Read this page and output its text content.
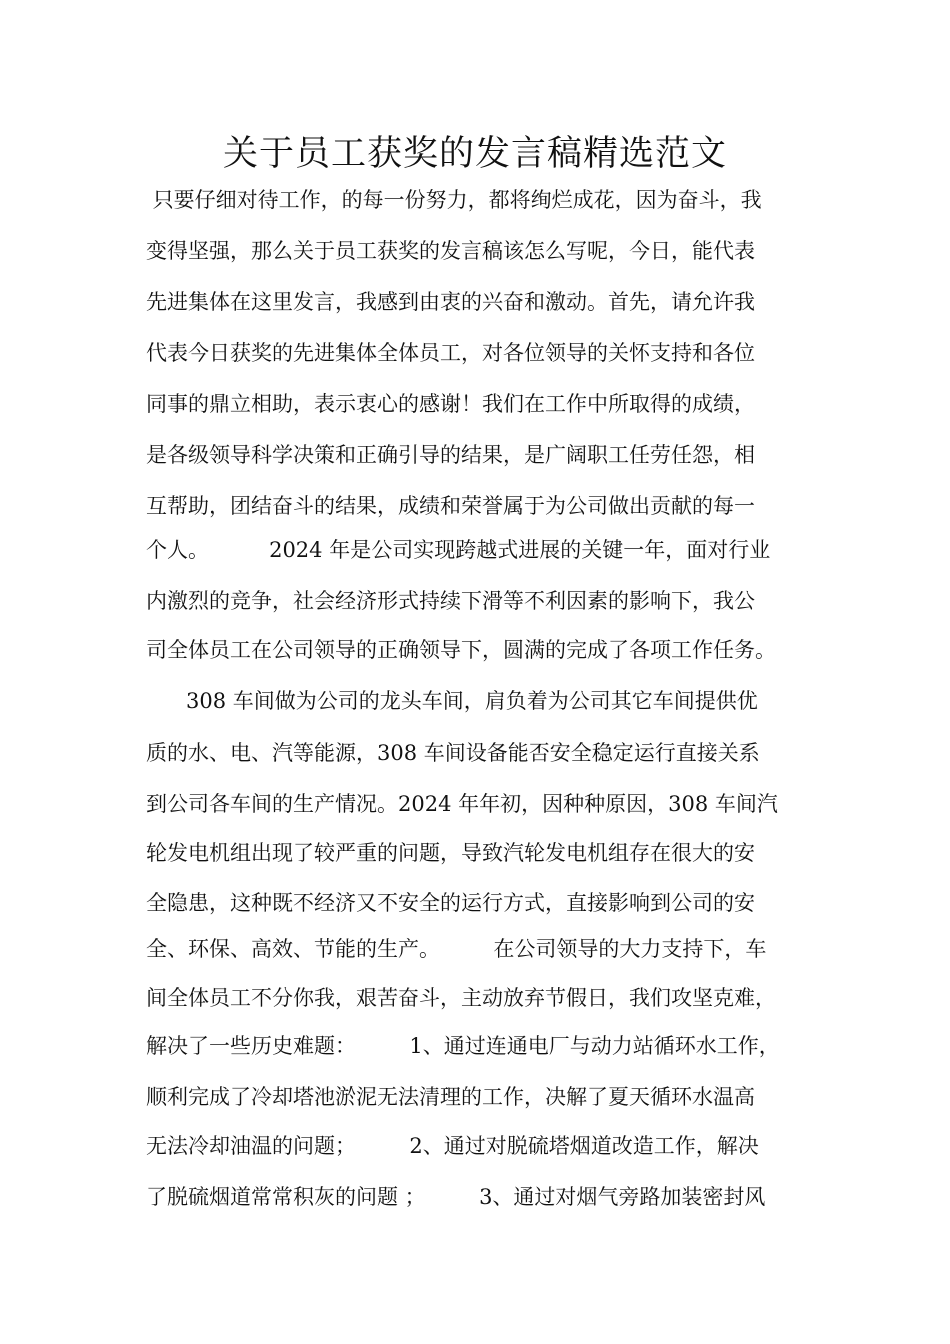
关于员工获奖的发言稿精选范文
只要仔细对待工作，的每一份努力，都将绚烂成花，因为奋斗，我
变得坚强，那么关于员工获奖的发言稿该怎么写呢，今日，能代表
先进集体在这里发言，我感到由衷的兴奋和激动。首先，请允许我
代表今日获奖的先进集体全体员工，对各位领导的关怀支持和各位
同事的鼎立相助，表示衷心的感谢！我们在工作中所取得的成绩，
是各级领导科学决策和正确引导的结果，是广阔职工任劳任怨，相
互帮助，团结奋斗的结果，成绩和荣誉属于为公司做出贡献的每一
个人。         2024 年是公司实现跨越式进展的关键一年，面对行业
内激烈的竞争，社会经济形式持续下滑等不利因素的影响下，我公
司全体员工在公司领导的正确领导下，圆满的完成了各项工作任务。
308 车间做为公司的龙头车间，肩负着为公司其它车间提供优
质的水、电、汽等能源，308 车间设备能否安全稳定运行直接关系
到公司各车间的生产情况。2024 年年初，因种种原因，308 车间汽
轮发电机组出现了较严重的问题，导致汽轮发电机组存在很大的安
全隐患，这种既不经济又不安全的运行方式，直接影响到公司的安
全、环保、高效、节能的生产。        在公司领导的大力支持下，车
间全体员工不分你我，艰苦奋斗，主动放弃节假日，我们攻坚克难，
解决了一些历史难题：        1、通过连通电厂与动力站循环水工作，
顺利完成了冷却塔池淤泥无法清理的工作，决解了夏天循环水温高
无法冷却油温的问题；        2、通过对脱硫塔烟道改造工作，解决
了脱硫烟道常常积灰的问题 ；        3、通过对烟气旁路加装密封风
